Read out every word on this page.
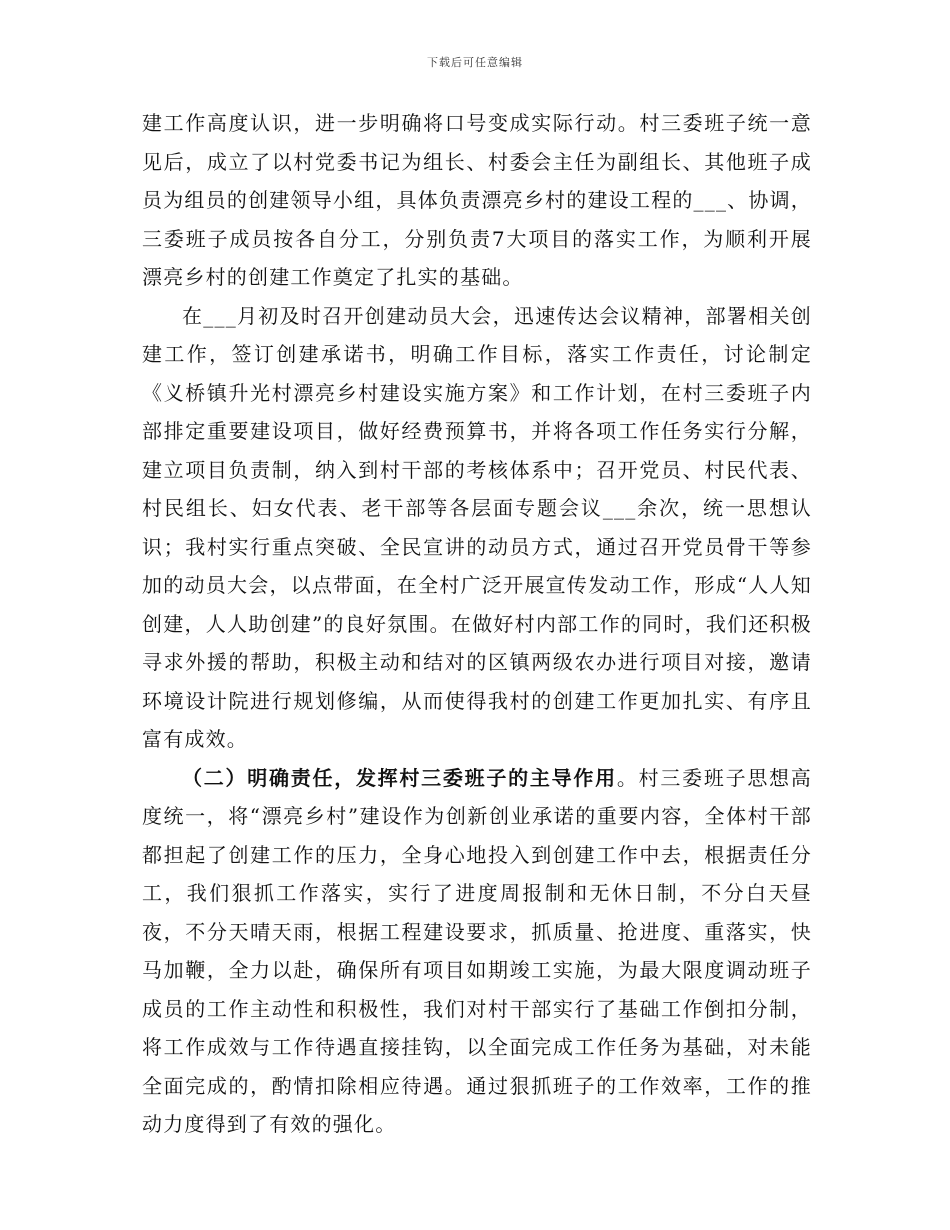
下载后可任意编辑

建工作高度认识，进一步明确将口号变成实际行动。村三委班子统一意见后，成立了以村党委书记为组长、村委会主任为副组长、其他班子成员为组员的创建领导小组，具体负责漂亮乡村的建设工程的___、协调，三委班子成员按各自分工，分别负责7大项目的落实工作，为顺利开展漂亮乡村的创建工作奠定了扎实的基础。

在___月初及时召开创建动员大会，迅速传达会议精神，部署相关创建工作，签订创建承诺书，明确工作目标，落实工作责任，讨论制定《义桥镇升光村漂亮乡村建设实施方案》和工作计划，在村三委班子内部排定重要建设项目，做好经费预算书，并将各项工作任务实行分解，建立项目负责制，纳入到村干部的考核体系中；召开党员、村民代表、村民组长、妇女代表、老干部等各层面专题会议___余次，统一思想认识；我村实行重点突破、全民宣讲的动员方式，通过召开党员骨干等参加的动员大会，以点带面，在全村广泛开展宣传发动工作，形成“人人知创建，人人助创建”的良好氛围。在做好村内部工作的同时，我们还积极寻求外援的帮助，积极主动和结对的区镇两级农办进行项目对接，邀请环境设计院进行规划修编，从而使得我村的创建工作更加扎实、有序且富有成效。

（二）明确责任，发挥村三委班子的主导作用。村三委班子思想高度统一，将“漂亮乡村”建设作为创新创业承诺的重要内容，全体村干部都担起了创建工作的压力，全身心地投入到创建工作中去，根据责任分工，我们狠抓工作落实，实行了进度周报制和无休日制，不分白天昼夜，不分天晴天雨，根据工程建设要求，抓质量、抢进度、重落实，快马加鞭，全力以赴，确保所有项目如期竣工实施，为最大限度调动班子成员的工作主动性和积极性，我们对村干部实行了基础工作倒扣分制，将工作成效与工作待遇直接挂钩，以全面完成工作任务为基础，对未能全面完成的，酌情扣除相应待遇。通过狠抓班子的工作效率，工作的推动力度得到了有效的强化。
